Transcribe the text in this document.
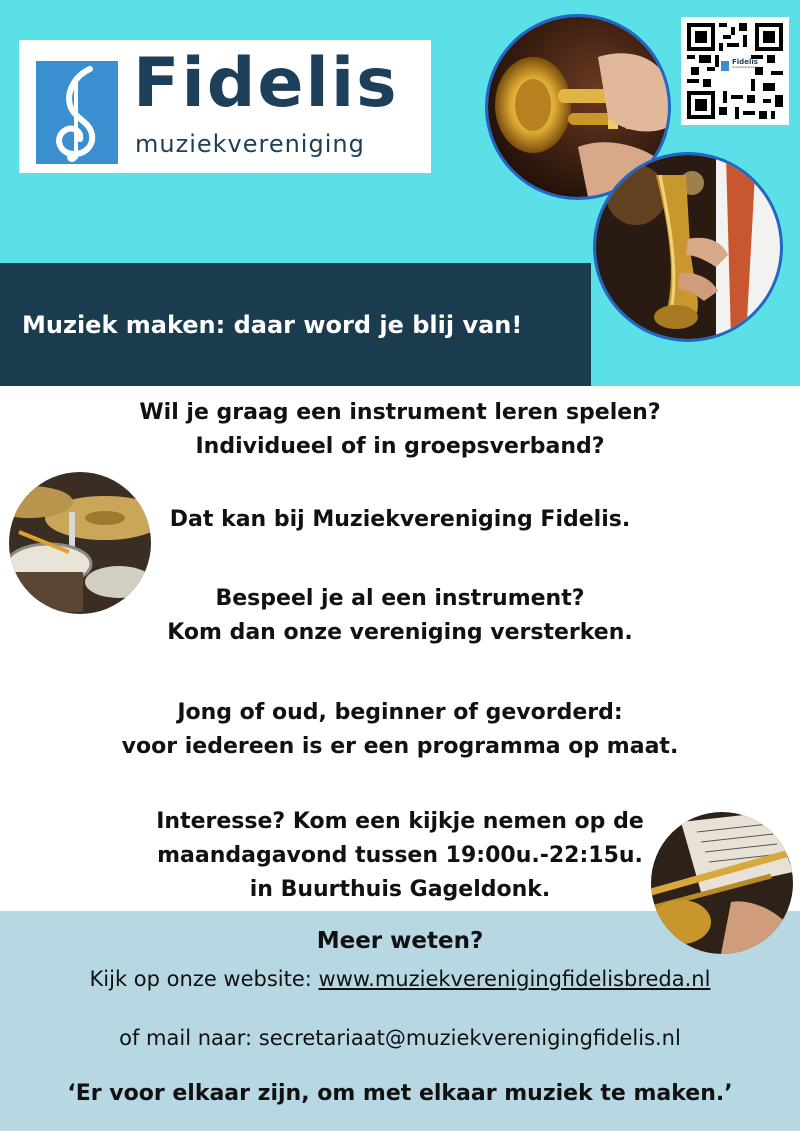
Fidelis
muziekvereniging
Fidelis
muziekvereniging
Muziek maken: daar word je blij van!
Wil je graag een instrument leren spelen?
Individueel of in groepsverband?
Dat kan bij Muziekvereniging Fidelis.
Bespeel je al een instrument?
Kom dan onze vereniging versterken.
Jong of oud, beginner of gevorderd:
voor iedereen is er een programma op maat.
Interesse? Kom een kijkje nemen op de
maandagavond tussen 19:00u.-22:15u.
in Buurthuis Gageldonk.
Meer weten?
Kijk op onze website: www.muziekverenigingfidelisbreda.nl
of mail naar: secretariaat@muziekverenigingfidelis.nl
‘Er voor elkaar zijn, om met elkaar muziek te maken.’
